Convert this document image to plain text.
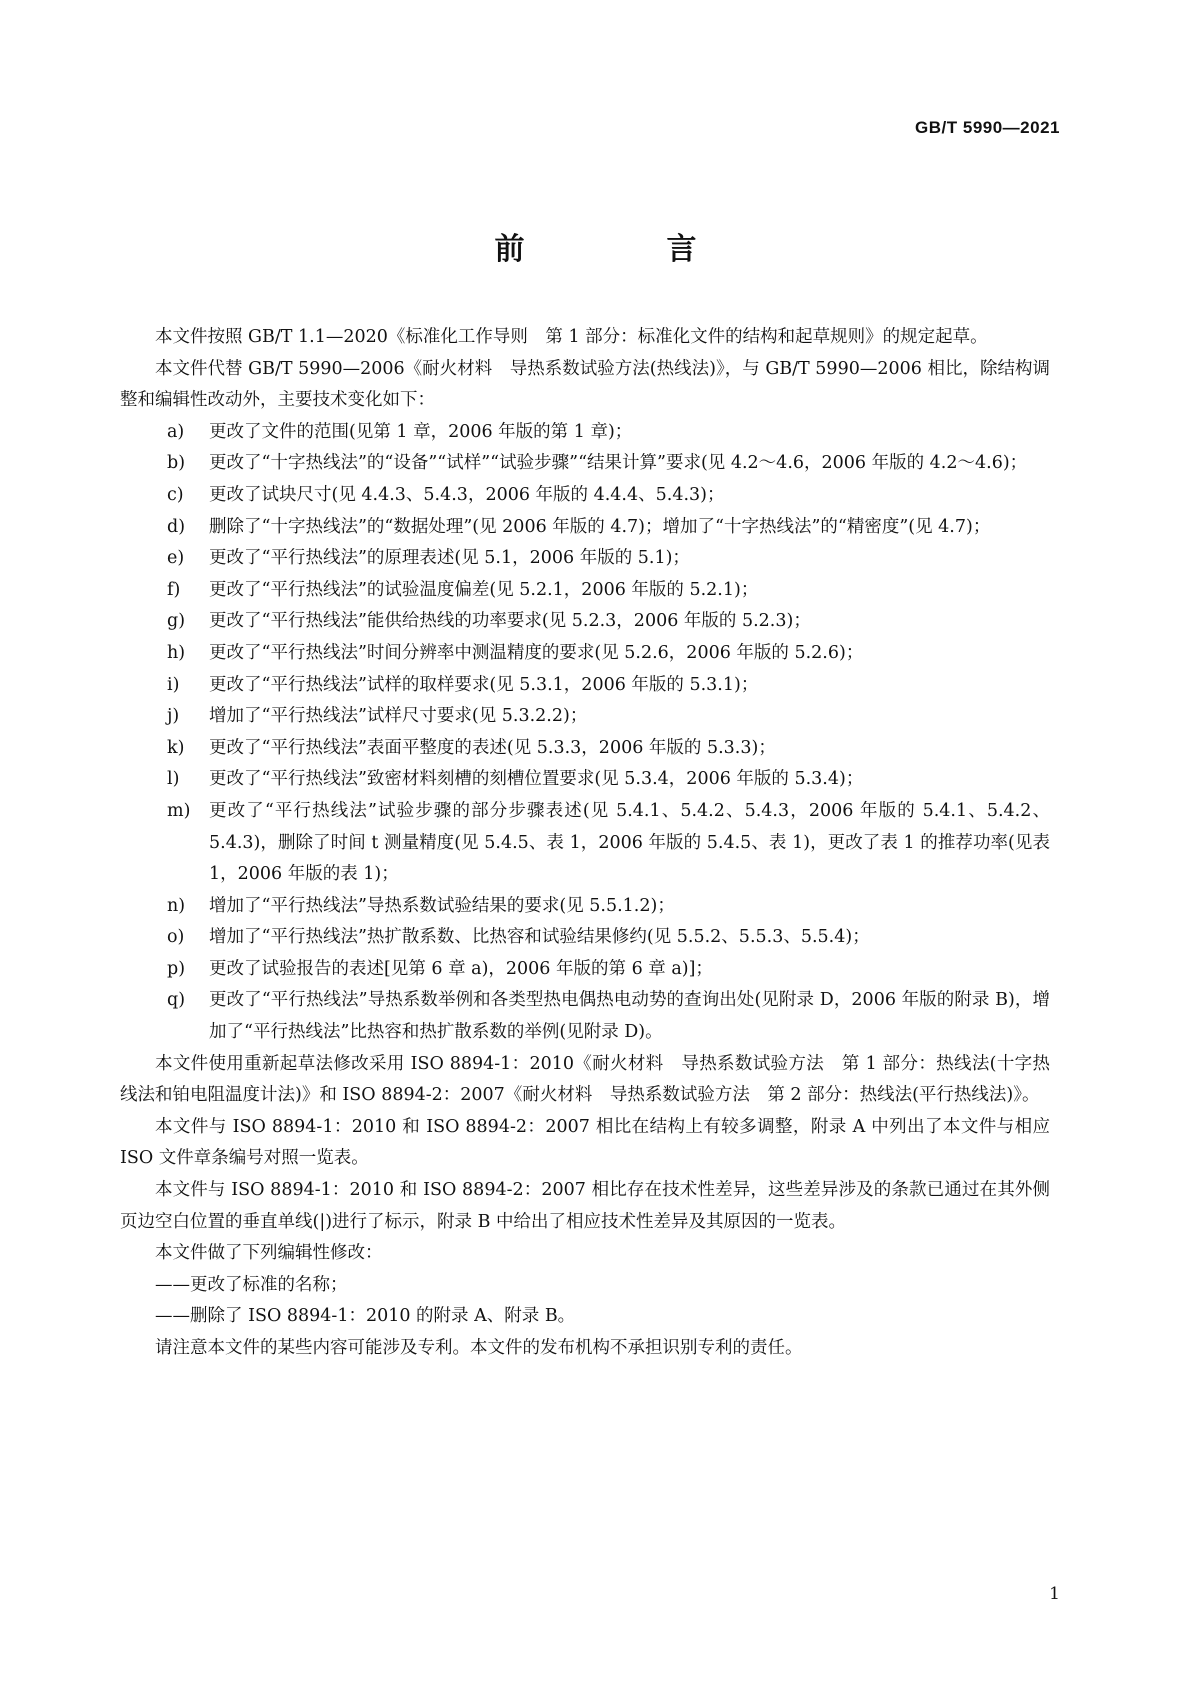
GB/T 5990—2021
前　言

本文件按照 GB/T 1.1—2020《标准化工作导则　第 1 部分：标准化文件的结构和起草规则》的规定起草。

本文件代替 GB/T 5990—2006《耐火材料　导热系数试验方法(热线法)》，与 GB/T 5990—2006 相比，除结构调整和编辑性改动外，主要技术变化如下：

a)	更改了文件的范围(见第 1 章，2006 年版的第 1 章)；
b)	更改了“十字热线法”的“设备”“试样”“试验步骤”“结果计算”要求(见 4.2～4.6，2006 年版的 4.2～4.6)；
c)	更改了试块尺寸(见 4.4.3、5.4.3，2006 年版的 4.4.4、5.4.3)；
d)	删除了“十字热线法”的“数据处理”(见 2006 年版的 4.7)；增加了“十字热线法”的“精密度”(见 4.7)；
e)	更改了“平行热线法”的原理表述(见 5.1，2006 年版的 5.1)；
f)	更改了“平行热线法”的试验温度偏差(见 5.2.1，2006 年版的 5.2.1)；
g)	更改了“平行热线法”能供给热线的功率要求(见 5.2.3，2006 年版的 5.2.3)；
h)	更改了“平行热线法”时间分辨率中测温精度的要求(见 5.2.6，2006 年版的 5.2.6)；
i)	更改了“平行热线法”试样的取样要求(见 5.3.1，2006 年版的 5.3.1)；
j)	增加了“平行热线法”试样尺寸要求(见 5.3.2.2)；
k)	更改了“平行热线法”表面平整度的表述(见 5.3.3，2006 年版的 5.3.3)；
l)	更改了“平行热线法”致密材料刻槽的刻槽位置要求(见 5.3.4，2006 年版的 5.3.4)；
m)	更改了“平行热线法”试验步骤的部分步骤表述(见 5.4.1、5.4.2、5.4.3，2006 年版的 5.4.1、5.4.2、5.4.3)，删除了时间 t 测量精度(见 5.4.5、表 1，2006 年版的 5.4.5、表 1)，更改了表 1 的推荐功率(见表 1，2006 年版的表 1)；
n)	增加了“平行热线法”导热系数试验结果的要求(见 5.5.1.2)；
o)	增加了“平行热线法”热扩散系数、比热容和试验结果修约(见 5.5.2、5.5.3、5.5.4)；
p)	更改了试验报告的表述[见第 6 章 a)，2006 年版的第 6 章 a)]；
q)	更改了“平行热线法”导热系数举例和各类型热电偶热电动势的查询出处(见附录 D，2006 年版的附录 B)，增加了“平行热线法”比热容和热扩散系数的举例(见附录 D)。

本文件使用重新起草法修改采用 ISO 8894-1：2010《耐火材料　导热系数试验方法　第 1 部分：热线法(十字热线法和铂电阻温度计法)》和 ISO 8894-2：2007《耐火材料　导热系数试验方法　第 2 部分：热线法(平行热线法)》。

本文件与 ISO 8894-1：2010 和 ISO 8894-2：2007 相比在结构上有较多调整，附录 A 中列出了本文件与相应 ISO 文件章条编号对照一览表。

本文件与 ISO 8894-1：2010 和 ISO 8894-2：2007 相比存在技术性差异，这些差异涉及的条款已通过在其外侧页边空白位置的垂直单线(|)进行了标示，附录 B 中给出了相应技术性差异及其原因的一览表。

本文件做了下列编辑性修改：

——更改了标准的名称；

——删除了 ISO 8894-1：2010 的附录 A、附录 B。

请注意本文件的某些内容可能涉及专利。本文件的发布机构不承担识别专利的责任。

1
